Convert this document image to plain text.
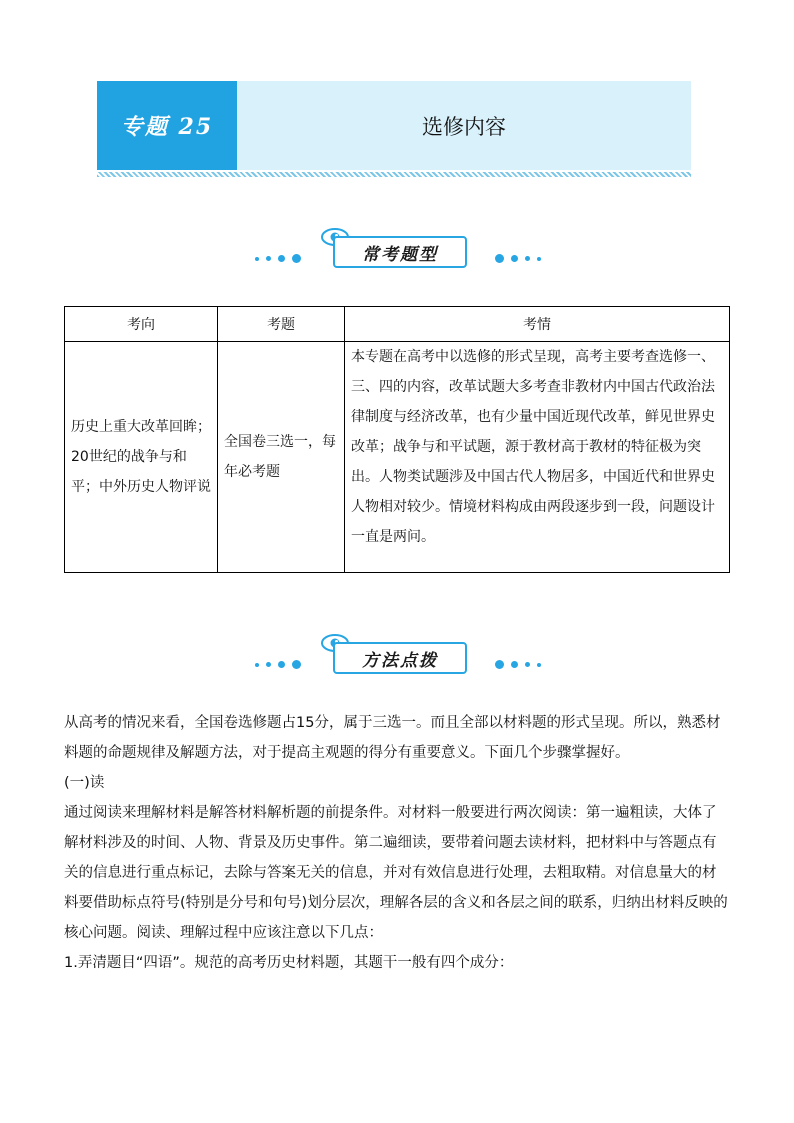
专题 25	选修内容
常考题型
考向	考题	考情
历史上重大改革回眸；20世纪的战争与和平；中外历史人物评说	全国卷三选一，每年必考题	本专题在高考中以选修的形式呈现，高考主要考查选修一、三、四的内容，改革试题大多考查非教材内中国古代政治法律制度与经济改革，也有少量中国近现代改革，鲜见世界史改革；战争与和平试题，源于教材高于教材的特征极为突出。人物类试题涉及中国古代人物居多，中国近代和世界史人物相对较少。情境材料构成由两段逐步到一段，问题设计一直是两问。
方法点拨

从高考的情况来看，全国卷选修题占15分，属于三选一。而且全部以材料题的形式呈现。所以，熟悉材料题的命题规律及解题方法，对于提高主观题的得分有重要意义。下面几个步骤掌握好。

(一)读

通过阅读来理解材料是解答材料解析题的前提条件。对材料一般要进行两次阅读：第一遍粗读，大体了解材料涉及的时间、人物、背景及历史事件。第二遍细读，要带着问题去读材料，把材料中与答题点有关的信息进行重点标记，去除与答案无关的信息，并对有效信息进行处理，去粗取精。对信息量大的材料要借助标点符号(特别是分号和句号)划分层次，理解各层的含义和各层之间的联系，归纳出材料反映的核心问题。阅读、理解过程中应该注意以下几点：

1.弄清题目“四语”。规范的高考历史材料题，其题干一般有四个成分：
